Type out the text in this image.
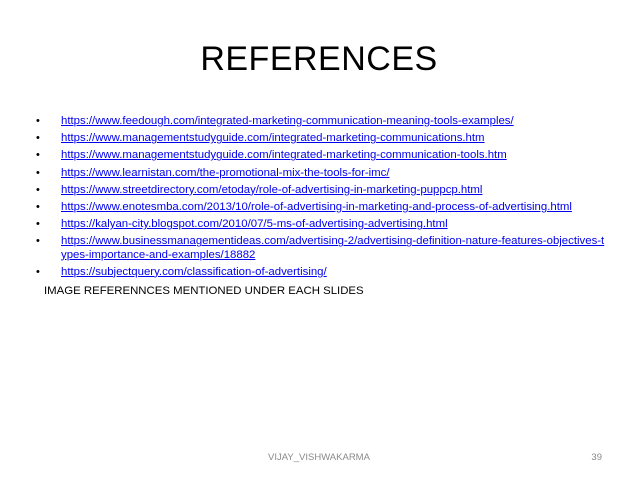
REFERENCES
• https://www.feedough.com/integrated-marketing-communication-meaning-tools-examples/
• https://www.managementstudyguide.com/integrated-marketing-communications.htm
• https://www.managementstudyguide.com/integrated-marketing-communication-tools.htm
• https://www.learnistan.com/the-promotional-mix-the-tools-for-imc/
• https://www.streetdirectory.com/etoday/role-of-advertising-in-marketing-puppcp.html
• https://www.enotesmba.com/2013/10/role-of-advertising-in-marketing-and-process-of-advertising.html
• https://kalyan-city.blogspot.com/2010/07/5-ms-of-advertising-advertising.html
• https://www.businessmanagementideas.com/advertising-2/advertising-definition-nature-features-objectives-types-importance-and-examples/18882
• https://subjectquery.com/classification-of-advertising/
IMAGE REFERENNCES MENTIONED UNDER EACH SLIDES
VIJAY_VISHWAKARMA	39
